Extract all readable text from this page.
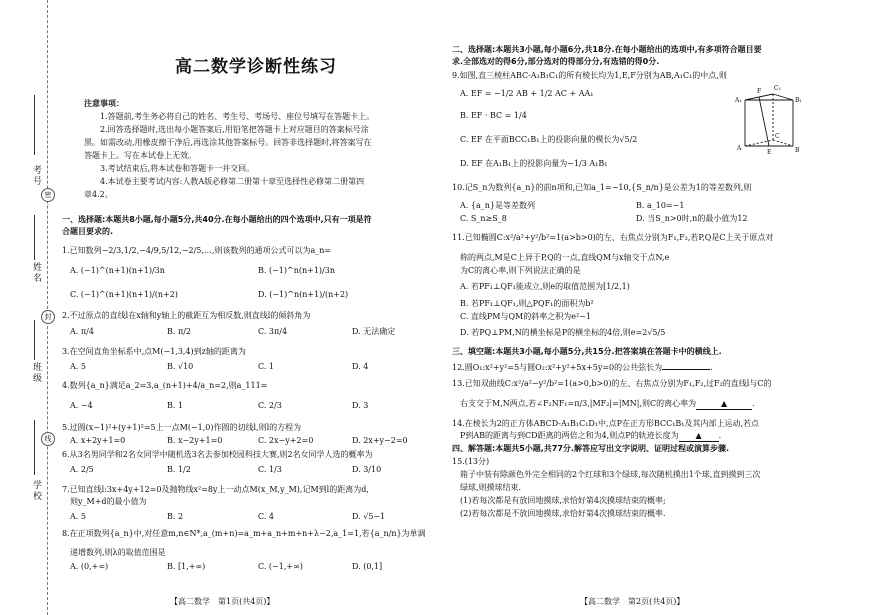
考号
密
姓名
封
班级
线
学校
高二数学诊断性练习
注意事项：
1.答题前,考生务必将自己的姓名、考生号、考场号、座位号填写在答题卡上。
2.回答选择题时,选出每小题答案后,用铅笔把答题卡上对应题目的答案标号涂
黑。如需改动,用橡皮擦干净后,再选涂其他答案标号。回答非选择题时,将答案写在
答题卡上。写在本试卷上无效。
3.考试结束后,将本试卷和答题卡一并交回。
4.本试卷主要考试内容:人教A版必修第二册第十章至选择性必修第二册第四
章4.2。
一、选择题:本题共8小题,每小题5分,共40分.在每小题给出的四个选项中,只有一项是符
合题目要求的.
1.已知数列−2/3,1/2,−4/9,5/12,−2/5,…,则该数列的通项公式可以为a_n=
A. (−1)^(n+1)(n+1)/3n	B. (−1)^n(n+1)/3n
C. (−1)^(n+1)(n+1)/(n+2)	D. (−1)^n(n+1)/(n+2)
2.不过原点的直线l在x轴和y轴上的截距互为相反数,则直线l的倾斜角为
A. π/4	B. π/2	C. 3π/4	D. 无法确定
3.在空间直角坐标系中,点M(−1,3,4)到z轴的距离为
A. 5	B. √10	C. 1	D. 4
4.数列{a_n}满足a_2=3,a_(n+1)+4/a_n=2,则a_111=
A. −4	B. 1	C. 2/3	D. 3
5.过圆(x−1)²+(y+1)²=5上一点M(−1,0)作圆的切线l,则l的方程为
A. x+2y+1=0	B. x−2y+1=0	C. 2x−y+2=0	D. 2x+y−2=0
6.从3名男同学和2名女同学中随机选3名去参加校园科技大赛,则2名女同学人选的概率为
A. 2/5	B. 1/2	C. 1/3	D. 3/10
7.已知直线l:3x+4y+12=0及抛物线x²=8y上一动点M(x_M,y_M),记M到l的距离为d,
则y_M+d的最小值为
A. 5	B. 2	C. 4	D. √5−1
8.在正项数列{a_n}中,对任意m,n∈N*,a_(m+n)=a_m+a_n+m+n+λ−2,a_1=1,若{a_n/n}为单调
递增数列,则λ的取值范围是
A. (0,+∞)	B. [1,+∞)	C. (−1,+∞)	D. (0,1]
【高二数学　第1页(共4页)】
二、选择题:本题共3小题,每小题6分,共18分.在每小题给出的选项中,有多项符合题目要
求.全部选对的得6分,部分选对的得部分分,有选错的得0分.
9.如图,直三棱柱ABC-A₁B₁C₁的所有棱长均为1,E,F分别为AB,A₁C₁的中点,则
A. EF = −1/2 AB + 1/2 AC + AA₁
B. EF · BC = 1/4
C. EF 在平面BCC₁B₁上的投影向量的模长为√5/2
D. EF 在A₁B₁上的投影向量为−1/3 A₁B₁
10.记S_n为数列{a_n}的前n项和,已知a_1=−10,{S_n/n}是公差为1的等差数列,则
A. {a_n}是等差数列	B. a_10=−1
C. S_n≥S_8	D. 当S_n>0时,n的最小值为12
11.已知椭圆C:x²/a²+y²/b²=1(a>b>0)的左、右焦点分别为F₁,F₂,若P,Q是C上关于原点对
称的两点,M是C上异于P,Q的一点,直线QM与x轴交于点N,e
为C的离心率,则下列说法正确的是
A. 若PF₁⊥QF₁能成立,则e的取值范围为[1/2,1)
B. 若PF₁⊥QF₁,则△PQF₁的面积为b²
C. 直线PM与QM的斜率之积为e²−1
D. 若PQ⊥PM,N的横坐标是P的横坐标的4倍,则e=2√5/5
三、填空题:本题共3小题,每小题5分,共15分.把答案填在答题卡中的横线上.
12.圆O₁:x²+y²=5与圆O₂:x²+y²+5x+5y=0的公共弦长为	.
13.已知双曲线C:x²/a²−y²/b²=1(a>0,b>0)的左、右焦点分别为F₁,F₂,过F₂的直线l与C的
右支交于M,N两点,若∠F₂NF₁=π/3,|MF₂|=|MN|,则C的离心率为	▲	.
14.在棱长为2的正方体ABCD-A₁B₁C₁D₁中,点P在正方形BCC₁B₁及其内部上运动,若点
P到AB的距离与到CD距离的两倍之和为4,则点P的轨迹长度为 ▲ .
四、解答题:本题共5小题,共77分.解答应写出文字说明、证明过程或演算步骤.
15.(13分)
箱子中装有除颜色外完全相同的2个红球和3个绿球,每次随机摸出1个球,直到摸到三次
绿球,则摸球结束.
(1)若每次都是有放回地摸球,求恰好第4次摸球结束的概率;
(2)若每次都是不放回地摸球,求恰好第4次摸球结束的概率.
【高二数学　第2页(共4页)】
A₁	B₁
C₁
F
A	B
C
E
